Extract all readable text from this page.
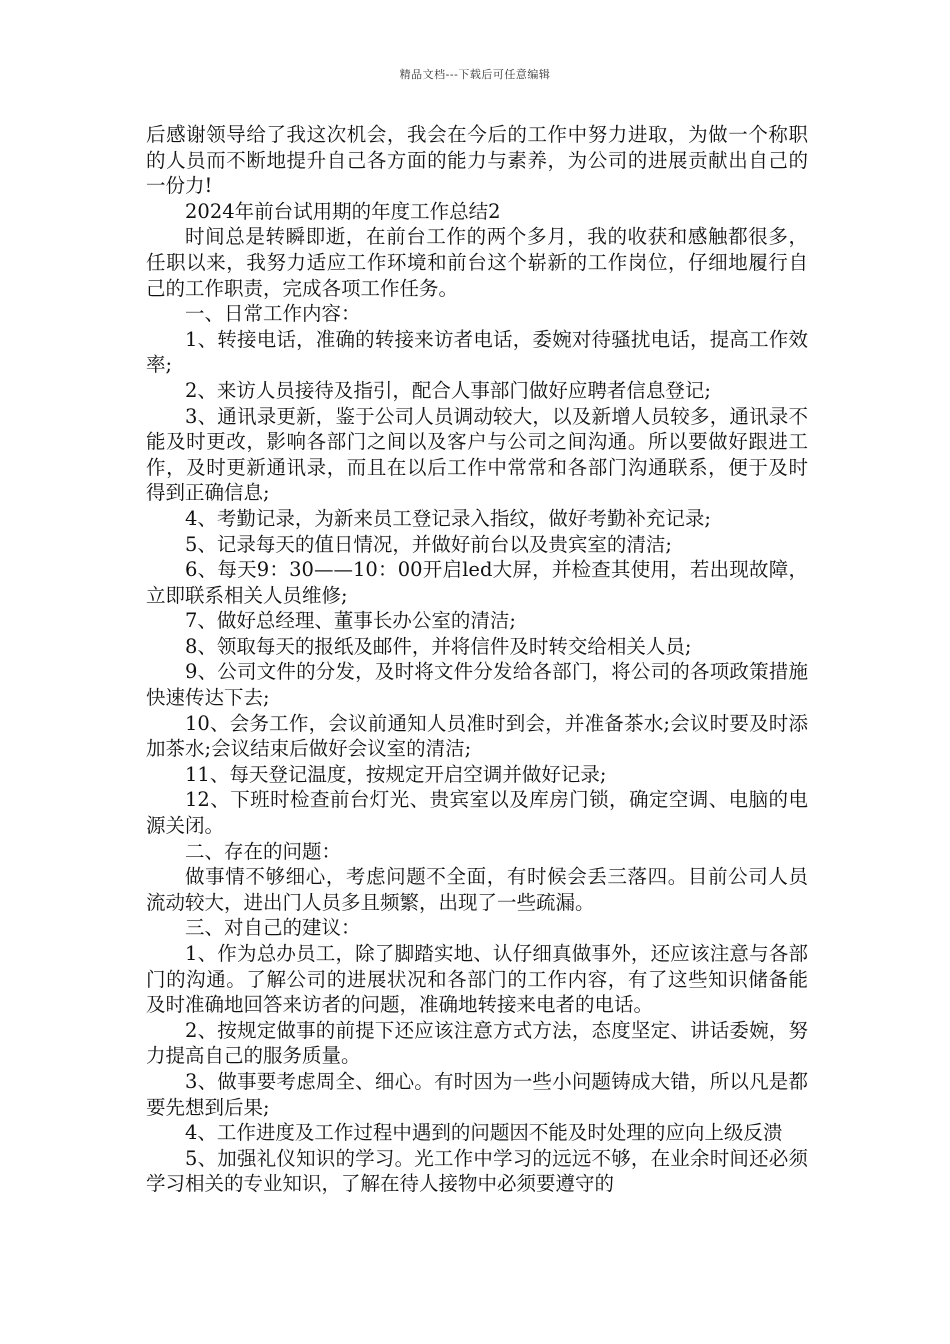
精品文档---下载后可任意编辑

后感谢领导给了我这次机会，我会在今后的工作中努力进取，为做一个称职的人员而不断地提升自己各方面的能力与素养，为公司的进展贡献出自己的一份力!

2024年前台试用期的年度工作总结2

时间总是转瞬即逝，在前台工作的两个多月，我的收获和感触都很多，任职以来，我努力适应工作环境和前台这个崭新的工作岗位，仔细地履行自己的工作职责，完成各项工作任务。

一、日常工作内容：

1、转接电话，准确的转接来访者电话，委婉对待骚扰电话，提高工作效率;

2、来访人员接待及指引，配合人事部门做好应聘者信息登记;

3、通讯录更新，鉴于公司人员调动较大，以及新增人员较多，通讯录不能及时更改，影响各部门之间以及客户与公司之间沟通。所以要做好跟进工作，及时更新通讯录，而且在以后工作中常常和各部门沟通联系，便于及时得到正确信息;

4、考勤记录，为新来员工登记录入指纹，做好考勤补充记录;

5、记录每天的值日情况，并做好前台以及贵宾室的清洁;

6、每天9：30——10：00开启led大屏，并检查其使用，若出现故障，立即联系相关人员维修;

7、做好总经理、董事长办公室的清洁;

8、领取每天的报纸及邮件，并将信件及时转交给相关人员;

9、公司文件的分发，及时将文件分发给各部门，将公司的各项政策措施快速传达下去;

10、会务工作，会议前通知人员准时到会，并准备茶水;会议时要及时添加茶水;会议结束后做好会议室的清洁;

11、每天登记温度，按规定开启空调并做好记录;

12、下班时检查前台灯光、贵宾室以及库房门锁，确定空调、电脑的电源关闭。

二、存在的问题：

做事情不够细心，考虑问题不全面，有时候会丢三落四。目前公司人员流动较大，进出门人员多且频繁，出现了一些疏漏。

三、对自己的建议：

1、作为总办员工，除了脚踏实地、认仔细真做事外，还应该注意与各部门的沟通。了解公司的进展状况和各部门的工作内容，有了这些知识储备能及时准确地回答来访者的问题，准确地转接来电者的电话。

2、按规定做事的前提下还应该注意方式方法，态度坚定、讲话委婉，努力提高自己的服务质量。

3、做事要考虑周全、细心。有时因为一些小问题铸成大错，所以凡是都要先想到后果;

4、工作进度及工作过程中遇到的问题因不能及时处理的应向上级反溃

5、加强礼仪知识的学习。光工作中学习的远远不够，在业余时间还必须学习相关的专业知识，了解在待人接物中必须要遵守的
